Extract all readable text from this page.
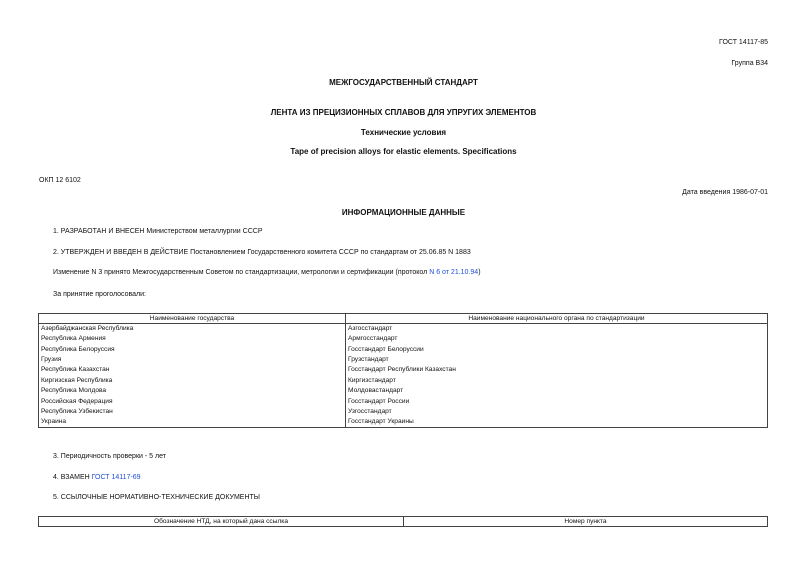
ГОСТ 14117-85
Группа В34
МЕЖГОСУДАРСТВЕННЫЙ СТАНДАРТ
ЛЕНТА ИЗ ПРЕЦИЗИОННЫХ СПЛАВОВ ДЛЯ УПРУГИХ ЭЛЕМЕНТОВ
Технические условия
Tape of precision alloys for elastic elements. Specifications
ОКП 12 6102
Дата введения 1986-07-01
ИНФОРМАЦИОННЫЕ ДАННЫЕ
1. РАЗРАБОТАН И ВНЕСЕН Министерством металлургии СССР
2. УТВЕРЖДЕН И ВВЕДЕН В ДЕЙСТВИЕ Постановлением Государственного комитета СССР по стандартам от 25.06.85 N 1883
Изменение N 3 принято Межгосударственным Советом по стандартизации, метрологии и сертификации (протокол N 6 от 21.10.94)
За принятие проголосовали:
Наименование государства	Наименование национального органа по стандартизации
Азербайджанская Республика	Азгосстандарт
Республика Армения	Армгосстандарт
Республика Белоруссия	Госстандарт Белоруссии
Грузия	Грузстандарт
Республика Казахстан	Госстандарт Республики Казахстан
Киргизская Республика	Киргизстандарт
Республика Молдова	Молдовастандарт
Российская Федерация	Госстандарт России
Республика Узбекистан	Узгосстандарт
Украина	Госстандарт Украины
3. Периодичность проверки - 5 лет
4. ВЗАМЕН ГОСТ 14117-69
5. ССЫЛОЧНЫЕ НОРМАТИВНО-ТЕХНИЧЕСКИЕ ДОКУМЕНТЫ
Обозначение НТД, на который дана ссылка	Номер пункта
